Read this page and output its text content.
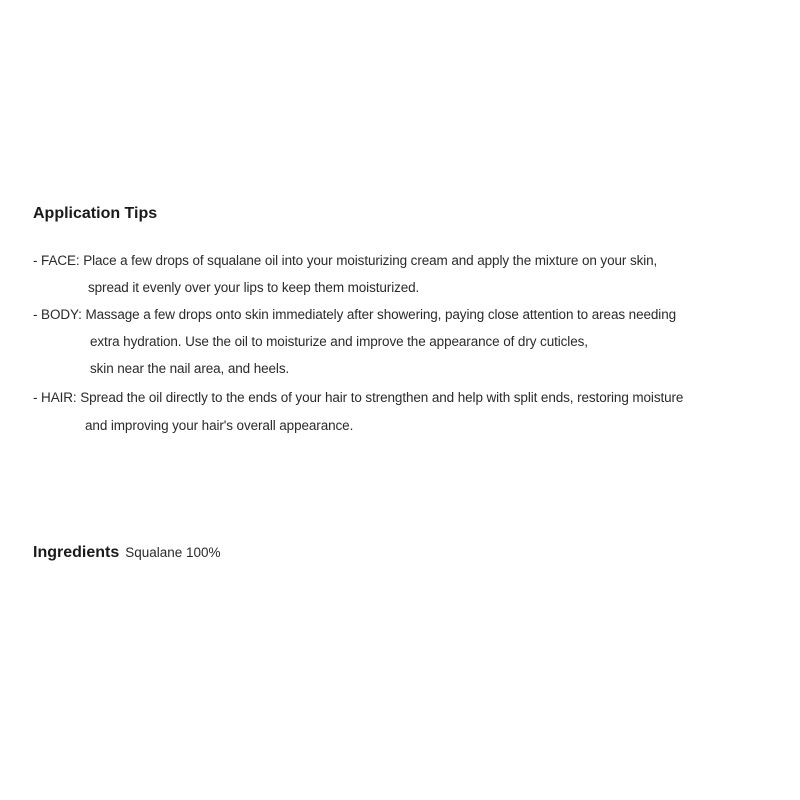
Application Tips
- FACE: Place a few drops of squalane oil into your moisturizing cream and apply the mixture on your skin,
spread it evenly over your lips to keep them moisturized.
- BODY: Massage a few drops onto skin immediately after showering, paying close attention to areas needing
extra hydration. Use the oil to moisturize and improve the appearance of dry cuticles,
skin near the nail area, and heels.
- HAIR: Spread the oil directly to the ends of your hair to strengthen and help with split ends, restoring moisture
and improving your hair's overall appearance.
Ingredients Squalane 100%
